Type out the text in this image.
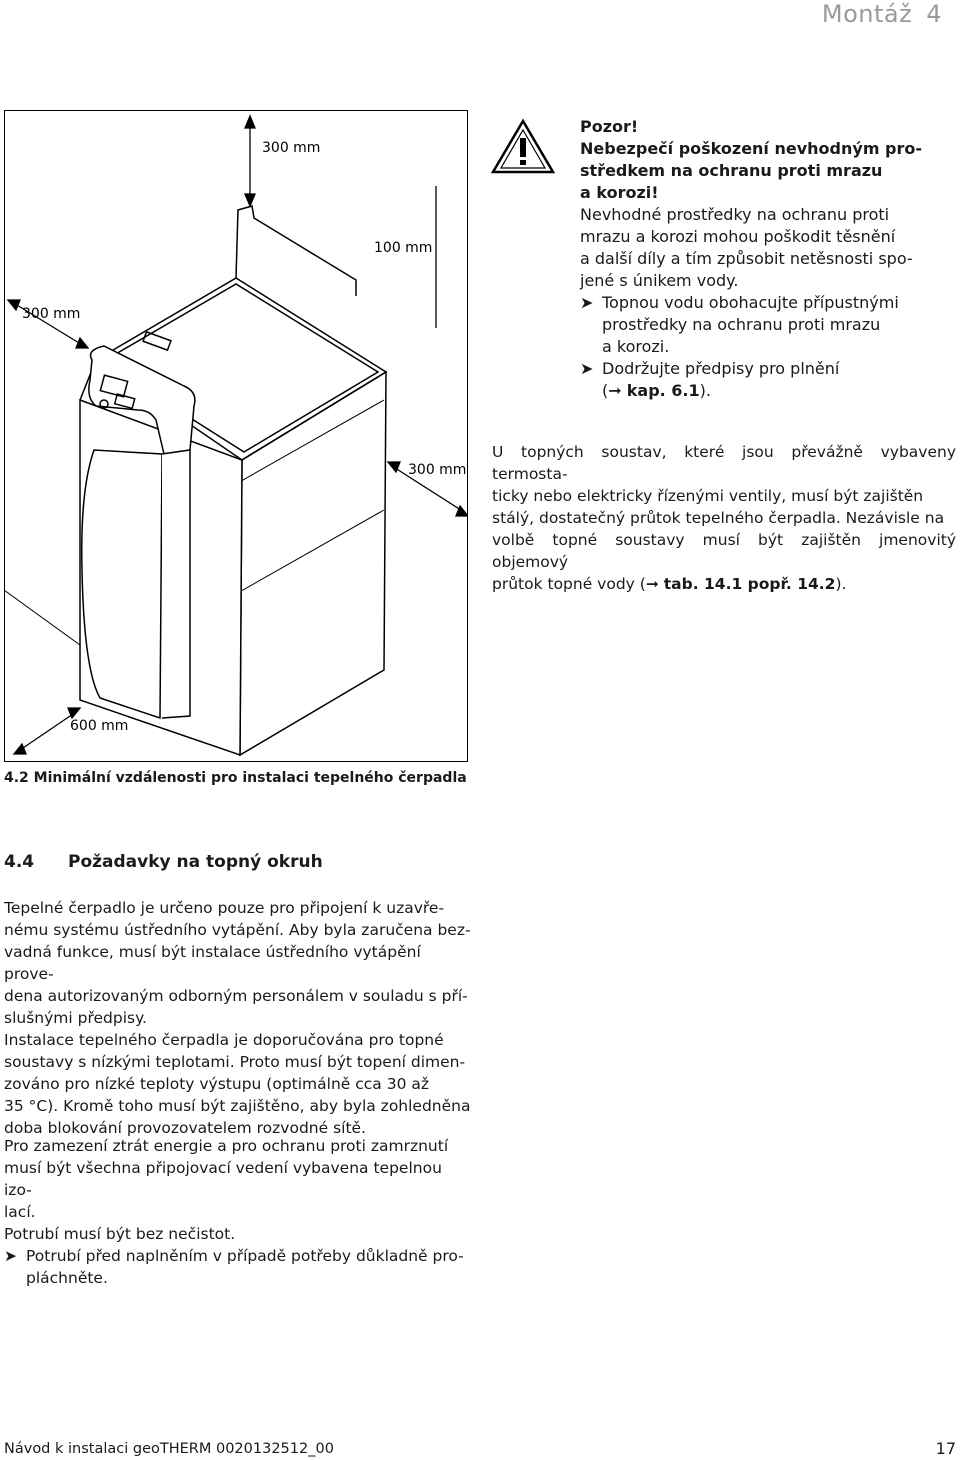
Montáž 4
300 mm
100 mm
300 mm
300 mm
600 mm
4.2 Minimální vzdálenosti pro instalaci tepelného čerpadla

Pozor!

Nebezpečí poškození nevhodným pro-

středkem na ochranu proti mrazu

a korozi!

Nevhodné prostředky na ochranu proti

mrazu a korozi mohou poškodit těsnění

a další díly a tím způsobit netěsnosti spo-

jené s únikem vody.

➤ Topnou vodu obohacujte přípustnými

prostředky na ochranu proti mrazu

a korozi.

➤ Dodržujte předpisy pro plnění

(➞ kap. 6.1).

U topných soustav, které jsou převážně vybaveny termosta-
ticky nebo elektricky řízenými ventily, musí být zajištěn
stálý, dostatečný průtok tepelného čerpadla. Nezávisle na
volbě topné soustavy musí být zajištěn jmenovitý objemový
průtok topné vody (➞ tab. 14.1 popř. 14.2).
4.4 Požadavky na topný okruh

Tepelné čerpadlo je určeno pouze pro připojení k uzavře-

nému systému ústředního vytápění. Aby byla zaručena bez-

vadná funkce, musí být instalace ústředního vytápění prove-

dena autorizovaným odborným personálem v souladu s pří-

slušnými předpisy.

Instalace tepelného čerpadla je doporučována pro topné

soustavy s nízkými teplotami. Proto musí být topení dimen-

zováno pro nízké teploty výstupu (optimálně cca 30 až

35 °C). Kromě toho musí být zajištěno, aby byla zohledněna

doba blokování provozovatelem rozvodné sítě.

Pro zamezení ztrát energie a pro ochranu proti zamrznutí

musí být všechna připojovací vedení vybavena tepelnou izo-

lací.

Potrubí musí být bez nečistot.

➤ Potrubí před naplněním v případě potřeby důkladně pro-

pláchněte.

Návod k instalaci geoTHERM 0020132512_00	17
